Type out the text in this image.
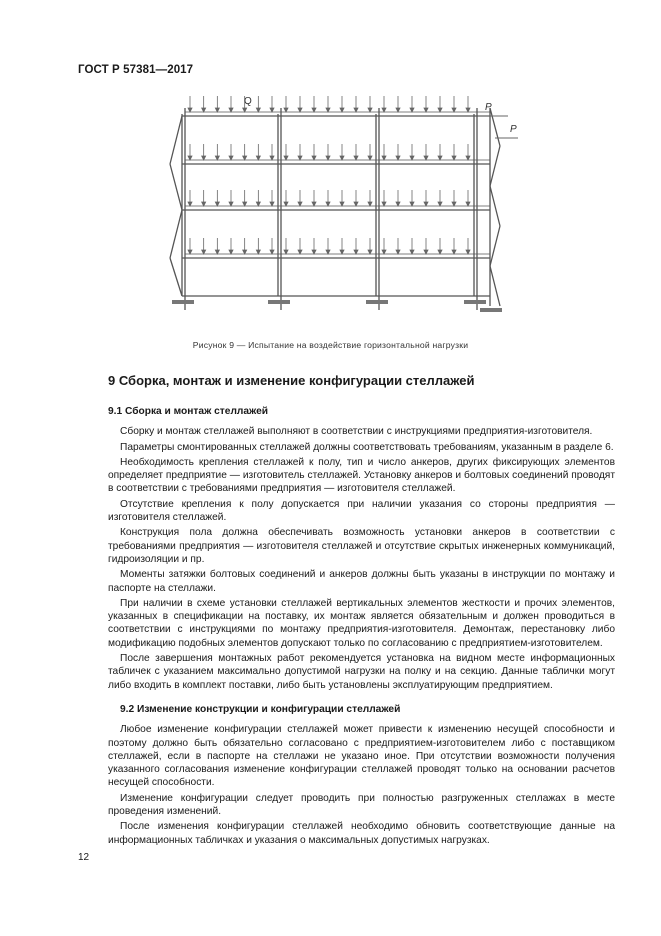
ГОСТ Р 57381—2017
Q
P
P
Рисунок 9 — Испытание на воздействие горизонтальной нагрузки
9 Сборка, монтаж и изменение конфигурации стеллажей
9.1 Сборка и монтаж стеллажей

Сборку и монтаж стеллажей выполняют в соответствии с инструкциями предприятия-изготовителя.

Параметры смонтированных стеллажей должны соответствовать требованиям, указанным в разделе 6.

Необходимость крепления стеллажей к полу, тип и число анкеров, других фиксирующих элементов определяет предприятие — изготовитель стеллажей. Установку анкеров и болтовых соединений проводят в соответствии с требованиями предприятия — изготовителя стеллажей.

Отсутствие крепления к полу допускается при наличии указания со стороны предприятия — изготовителя стеллажей.

Конструкция пола должна обеспечивать возможность установки анкеров в соответствии с требованиями предприятия — изготовителя стеллажей и отсутствие скрытых инженерных коммуникаций, гидроизоляции и пр.

Моменты затяжки болтовых соединений и анкеров должны быть указаны в инструкции по монтажу и паспорте на стеллажи.

При наличии в схеме установки стеллажей вертикальных элементов жесткости и прочих элементов, указанных в спецификации на поставку, их монтаж является обязательным и должен проводиться в соответствии с инструкциями по монтажу предприятия-изготовителя. Демонтаж, перестановку либо модификацию подобных элементов допускают только по согласованию с предприятием-изготовителем.

После завершения монтажных работ рекомендуется установка на видном месте информационных табличек с указанием максимально допустимой нагрузки на полку и на секцию. Данные таблички могут либо входить в комплект поставки, либо быть установлены эксплуатирующим предприятием.

9.2 Изменение конструкции и конфигурации стеллажей

Любое изменение конфигурации стеллажей может привести к изменению несущей способности и поэтому должно быть обязательно согласовано с предприятием-изготовителем либо с поставщиком стеллажей, если в паспорте на стеллажи не указано иное. При отсутствии возможности получения указанного согласования изменение конфигурации стеллажей проводят только на основании расчетов несущей способности.

Изменение конфигурации следует проводить при полностью разгруженных стеллажах в месте проведения изменений.

После изменения конфигурации стеллажей необходимо обновить соответствующие данные на информационных табличках и указания о максимальных допустимых нагрузках.

12
